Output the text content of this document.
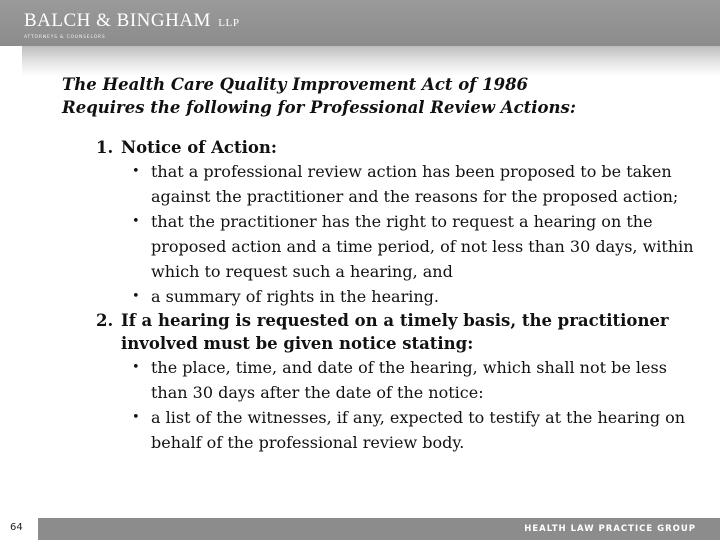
BALCH & BINGHAM LLP
ATTORNEYS & COUNSELORS
The Health Care Quality Improvement Act of 1986
Requires the following for Professional Review Actions:
1. Notice of Action:
• that a professional review action has been proposed to be taken against the practitioner and the reasons for the proposed action;
• that the practitioner has the right to request a hearing on the proposed action and a time period, of not less than 30 days, within which to request such a hearing, and
• a summary of rights in the hearing.
2. If a hearing is requested on a timely basis, the practitioner involved must be given notice stating:
• the place, time, and date of the hearing, which shall not be less than 30 days after the date of the notice:
• a list of the witnesses, if any, expected to testify at the hearing on behalf of the professional review body.
64	HEALTH LAW PRACTICE GROUP
